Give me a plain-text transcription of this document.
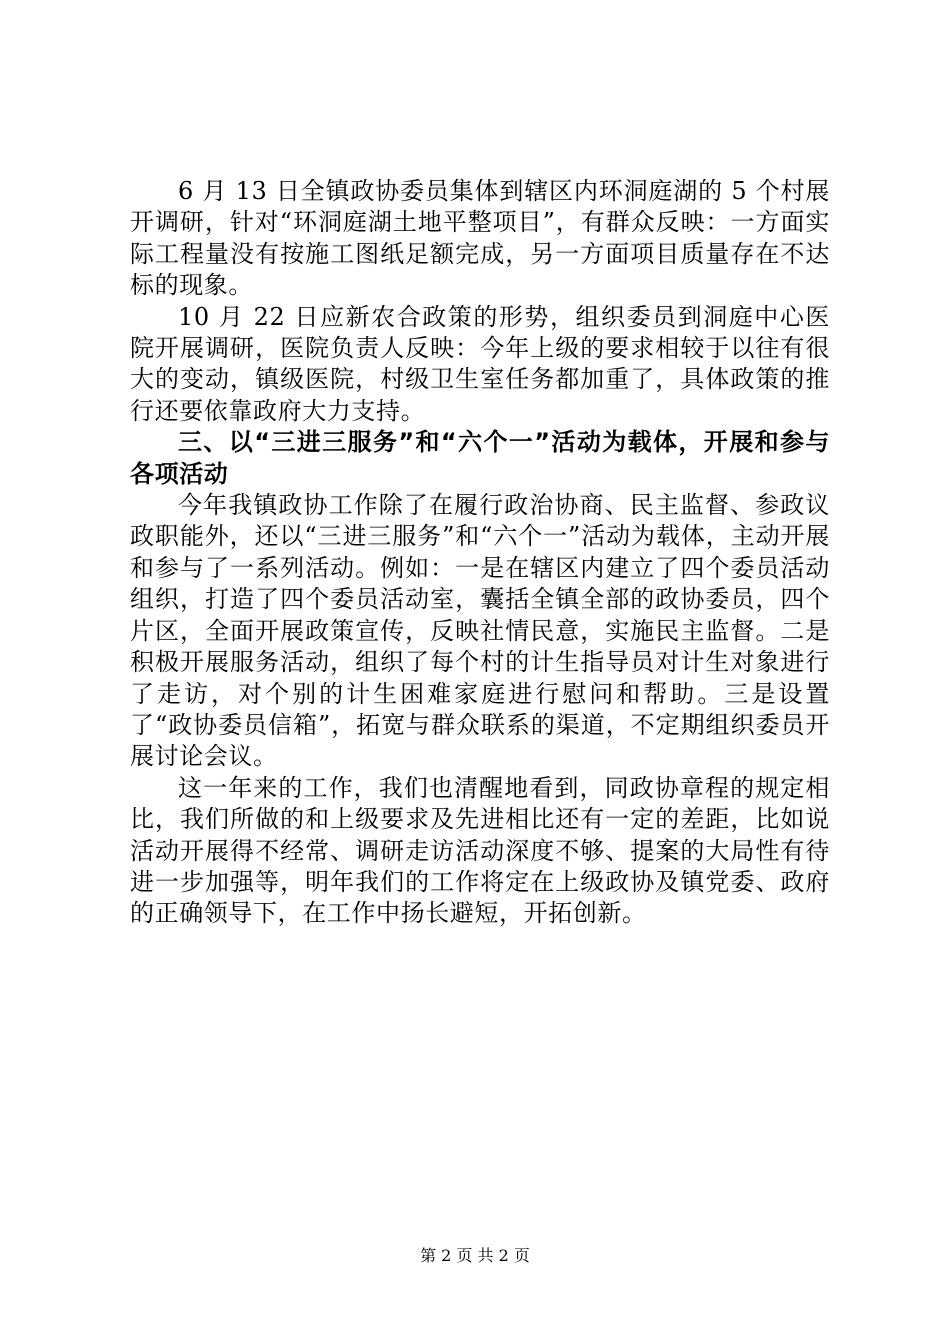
6 月 13 日全镇政协委员集体到辖区内环洞庭湖的 5 个村展开调研，针对“环洞庭湖土地平整项目”，有群众反映：一方面实际工程量没有按施工图纸足额完成，另一方面项目质量存在不达标的现象。

10 月 22 日应新农合政策的形势，组织委员到洞庭中心医院开展调研，医院负责人反映：今年上级的要求相较于以往有很大的变动，镇级医院，村级卫生室任务都加重了，具体政策的推行还要依靠政府大力支持。

三、以“三进三服务”和“六个一”活动为载体，开展和参与各项活动

今年我镇政协工作除了在履行政治协商、民主监督、参政议政职能外，还以“三进三服务”和“六个一”活动为载体，主动开展和参与了一系列活动。例如：一是在辖区内建立了四个委员活动组织，打造了四个委员活动室，囊括全镇全部的政协委员，四个片区，全面开展政策宣传，反映社情民意，实施民主监督。二是积极开展服务活动，组织了每个村的计生指导员对计生对象进行了走访，对个别的计生困难家庭进行慰问和帮助。三是设置了“政协委员信箱”，拓宽与群众联系的渠道，不定期组织委员开展讨论会议。

这一年来的工作，我们也清醒地看到，同政协章程的规定相比，我们所做的和上级要求及先进相比还有一定的差距，比如说活动开展得不经常、调研走访活动深度不够、提案的大局性有待进一步加强等，明年我们的工作将定在上级政协及镇党委、政府的正确领导下，在工作中扬长避短，开拓创新。

第 2 页 共 2 页
